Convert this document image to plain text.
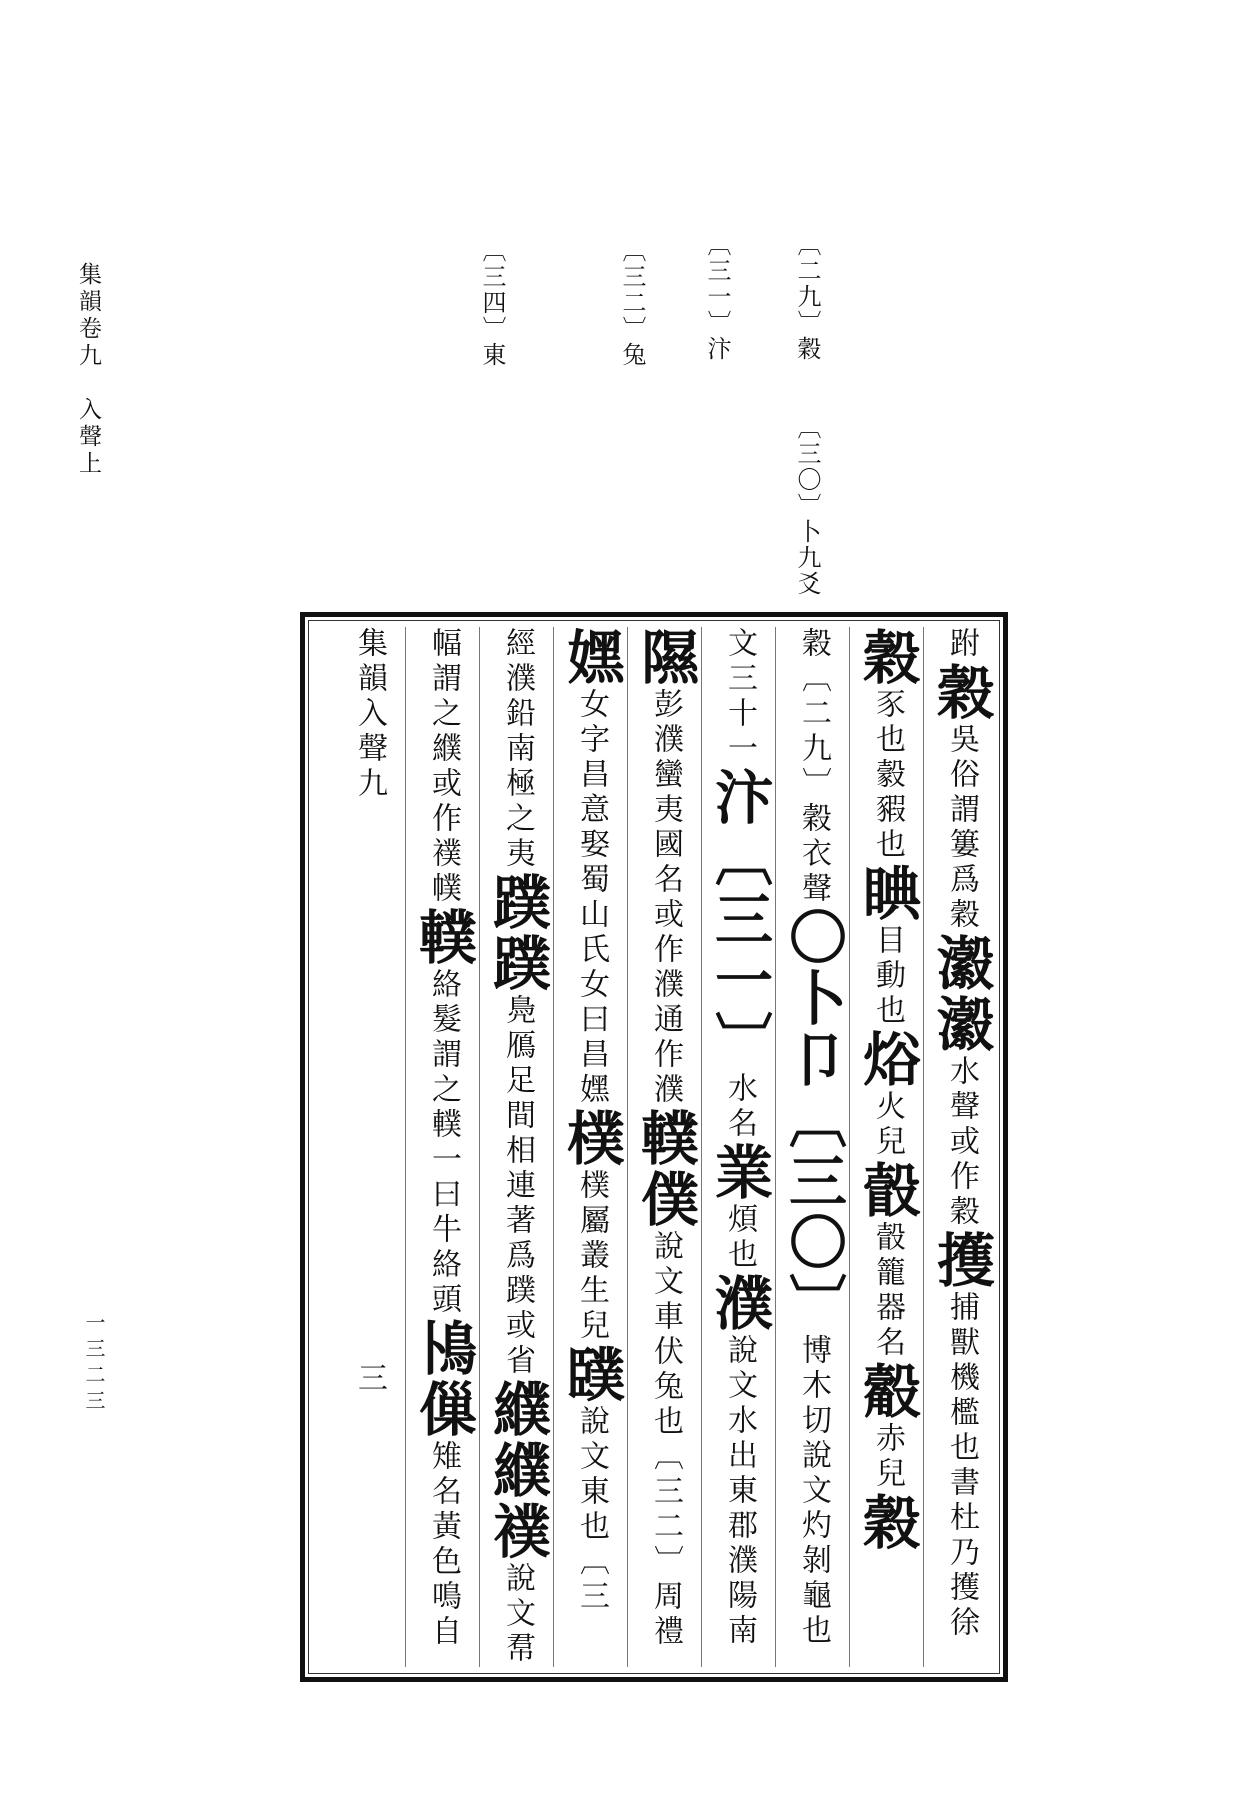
集韻卷九　入聲上
一三二三
〔二九〕穀
〔三一〕汴
〔三二〕兔
〔三四〕東
〔三〇〕卜九爻
跗穀吳俗謂簍爲穀瀫瀫水聲或作穀擭捕獸機檻也書杜乃擭徐
穀豕也豰豭也睓目動也焀火兒瞉瞉籠器名觳赤兒穀
穀〔二九〕穀衣聲〇卜卩〔三〇〕博木切說文灼剝龜也
文三十一汴〔三一〕水名業煩也濮說文水出東郡濮陽南
隰彭濮蠻夷國名或作濮通作濮轐僕說文車伏兔也〔三二〕周禮
嫼女字昌意娶蜀山氏女曰昌嫼樸樸屬叢生兒䑑說文東也〔三
經濮鉛南極之夷蹼蹼鳧鴈足間相連著爲蹼或省纀纀襆說文帬
幅謂之纀或作襆幞轐絡髮謂之轐一曰牛絡頭鳪㑿雉名黃色鳴自
集韻入聲九三
